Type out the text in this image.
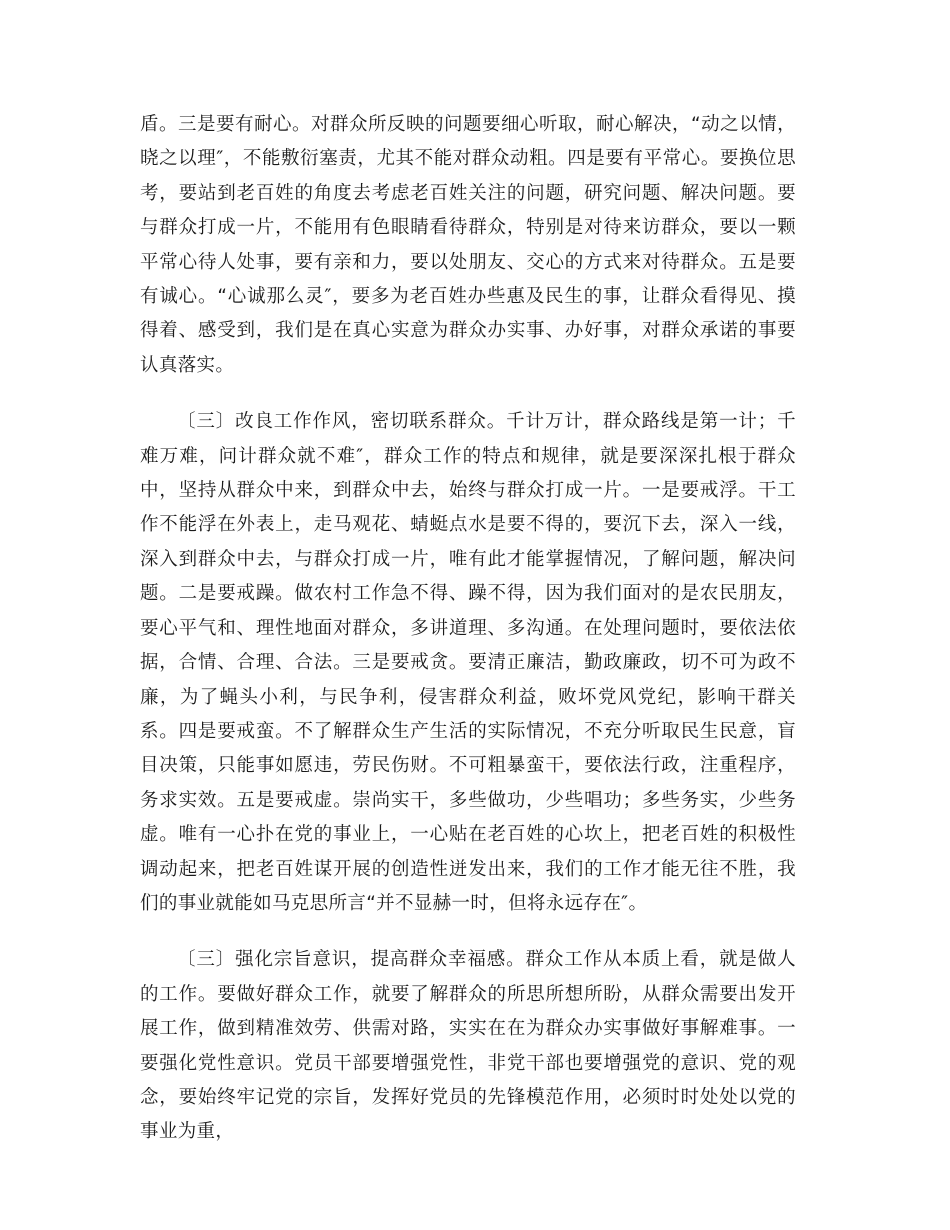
盾。三是要有耐心。对群众所反映的问题要细心听取，耐心解决，“动之以情，晓之以理″，不能敷衍塞责，尤其不能对群众动粗。四是要有平常心。要换位思考，要站到老百姓的角度去考虑老百姓关注的问题，研究问题、解决问题。要与群众打成一片，不能用有色眼睛看待群众，特别是对待来访群众，要以一颗平常心待人处事，要有亲和力，要以处朋友、交心的方式来对待群众。五是要有诚心。“心诚那么灵″，要多为老百姓办些惠及民生的事，让群众看得见、摸得着、感受到，我们是在真心实意为群众办实事、办好事，对群众承诺的事要认真落实。

〔三〕改良工作作风，密切联系群众。千计万计，群众路线是第一计；千难万难，问计群众就不难″，群众工作的特点和规律，就是要深深扎根于群众中，坚持从群众中来，到群众中去，始终与群众打成一片。一是要戒浮。干工作不能浮在外表上，走马观花、蜻蜓点水是要不得的，要沉下去，深入一线，深入到群众中去，与群众打成一片，唯有此才能掌握情况，了解问题，解决问题。二是要戒躁。做农村工作急不得、躁不得，因为我们面对的是农民朋友，要心平气和、理性地面对群众，多讲道理、多沟通。在处理问题时，要依法依据，合情、合理、合法。三是要戒贪。要清正廉洁，勤政廉政，切不可为政不廉，为了蝇头小利，与民争利，侵害群众利益，败坏党风党纪，影响干群关系。四是要戒蛮。不了解群众生产生活的实际情况，不充分听取民生民意，盲目决策，只能事如愿违，劳民伤财。不可粗暴蛮干，要依法行政，注重程序，务求实效。五是要戒虚。崇尚实干，多些做功，少些唱功；多些务实，少些务虚。唯有一心扑在党的事业上，一心贴在老百姓的心坎上，把老百姓的积极性调动起来，把老百姓谋开展的创造性迸发出来，我们的工作才能无往不胜，我们的事业就能如马克思所言“并不显赫一时，但将永远存在″。

〔三〕强化宗旨意识，提高群众幸福感。群众工作从本质上看，就是做人的工作。要做好群众工作，就要了解群众的所思所想所盼，从群众需要出发开展工作，做到精准效劳、供需对路，实实在在为群众办实事做好事解难事。一要强化党性意识。党员干部要增强党性，非党干部也要增强党的意识、党的观念，要始终牢记党的宗旨，发挥好党员的先锋模范作用，必须时时处处以党的事业为重，
